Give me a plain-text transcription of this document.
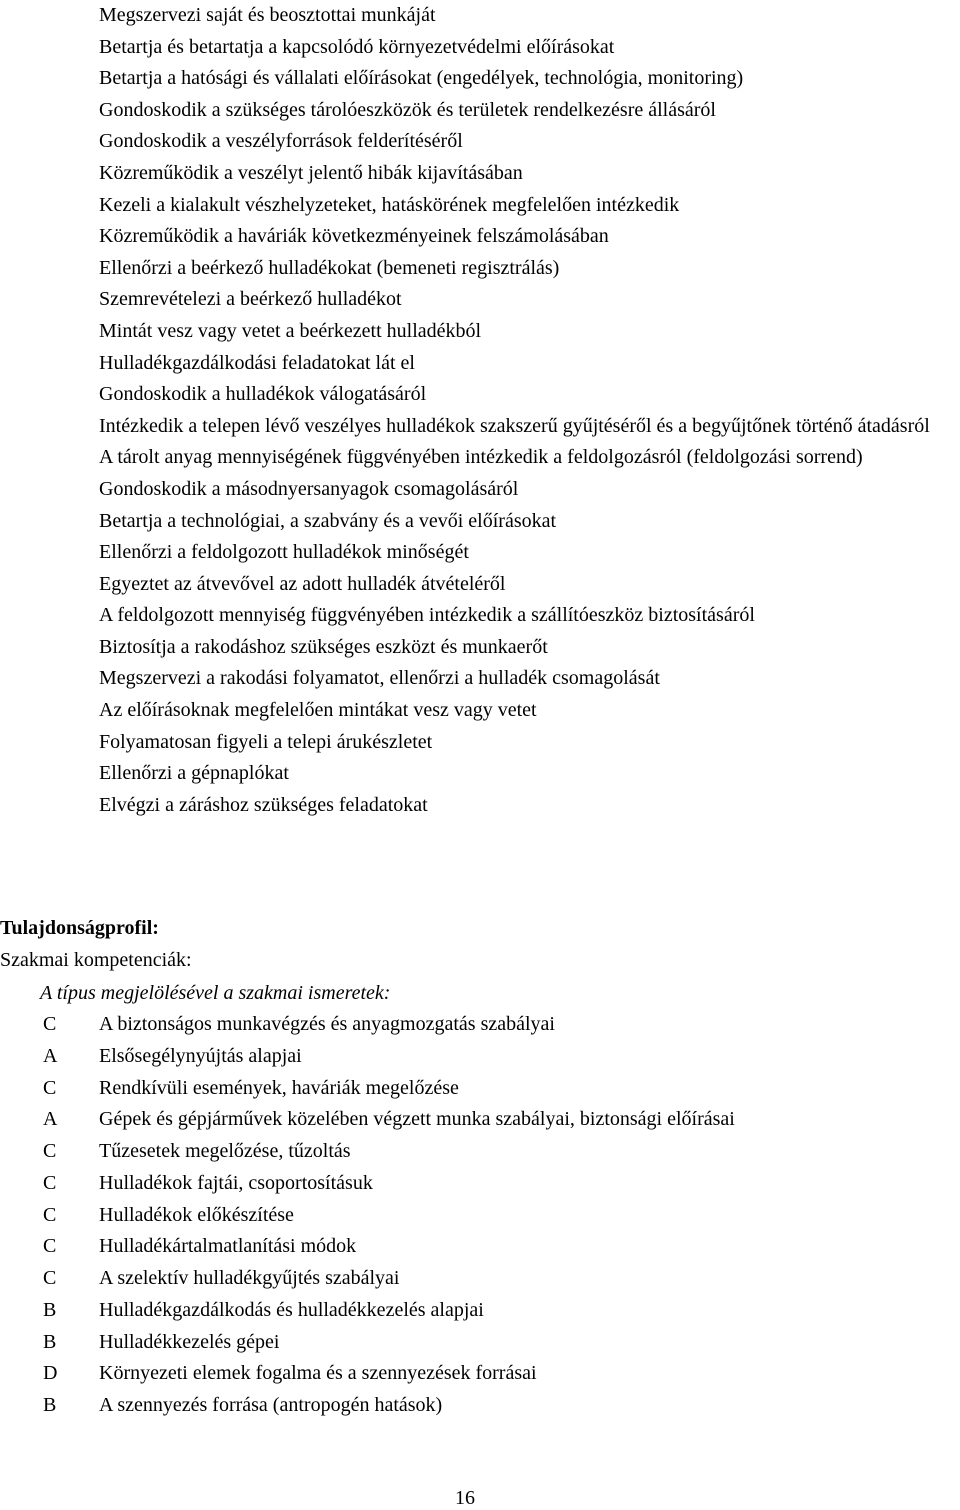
Megszervezi saját és beosztottai munkáját
Betartja és betartatja a kapcsolódó környezetvédelmi előírásokat
Betartja a hatósági és vállalati előírásokat (engedélyek, technológia, monitoring)
Gondoskodik a szükséges tárolóeszközök és területek rendelkezésre állásáról
Gondoskodik a veszélyforrások felderítéséről
Közreműködik a veszélyt jelentő hibák kijavításában
Kezeli a kialakult vészhelyzeteket, hatáskörének megfelelően intézkedik
Közreműködik a haváriák következményeinek felszámolásában
Ellenőrzi a beérkező hulladékokat (bemeneti regisztrálás)
Szemrevételezi a beérkező hulladékot
Mintát vesz vagy vetet a beérkezett hulladékból
Hulladékgazdálkodási feladatokat lát el
Gondoskodik a hulladékok válogatásáról
Intézkedik a telepen lévő veszélyes hulladékok szakszerű gyűjtéséről és a begyűjtőnek történő átadásról
A tárolt anyag mennyiségének függvényében intézkedik a feldolgozásról (feldolgozási sorrend)
Gondoskodik a másodnyersanyagok csomagolásáról
Betartja a technológiai, a szabvány és a vevői előírásokat
Ellenőrzi a feldolgozott hulladékok minőségét
Egyeztet az átvevővel az adott hulladék átvételéről
A feldolgozott mennyiség függvényében intézkedik a szállítóeszköz biztosításáról
Biztosítja a rakodáshoz szükséges eszközt és munkaerőt
Megszervezi a rakodási folyamatot, ellenőrzi a hulladék csomagolását
Az előírásoknak megfelelően mintákat vesz vagy vetet
Folyamatosan figyeli a telepi árukészletet
Ellenőrzi a gépnaplókat
Elvégzi a záráshoz szükséges feladatokat

Tulajdonságprofil:

Szakmai kompetenciák:

A típus megjelölésével a szakmai ismeretek:

C A biztonságos munkavégzés és anyagmozgatás szabályai
A Elsősegélynyújtás alapjai
C Rendkívüli események, haváriák megelőzése
A Gépek és gépjárművek közelében végzett munka szabályai, biztonsági előírásai
C Tűzesetek megelőzése, tűzoltás
C Hulladékok fajtái, csoportosításuk
C Hulladékok előkészítése
C Hulladékártalmatlanítási módok
C A szelektív hulladékgyűjtés szabályai
B Hulladékgazdálkodás és hulladékkezelés alapjai
B Hulladékkezelés gépei
D Környezeti elemek fogalma és a szennyezések forrásai
B A szennyezés forrása (antropogén hatások)

16
